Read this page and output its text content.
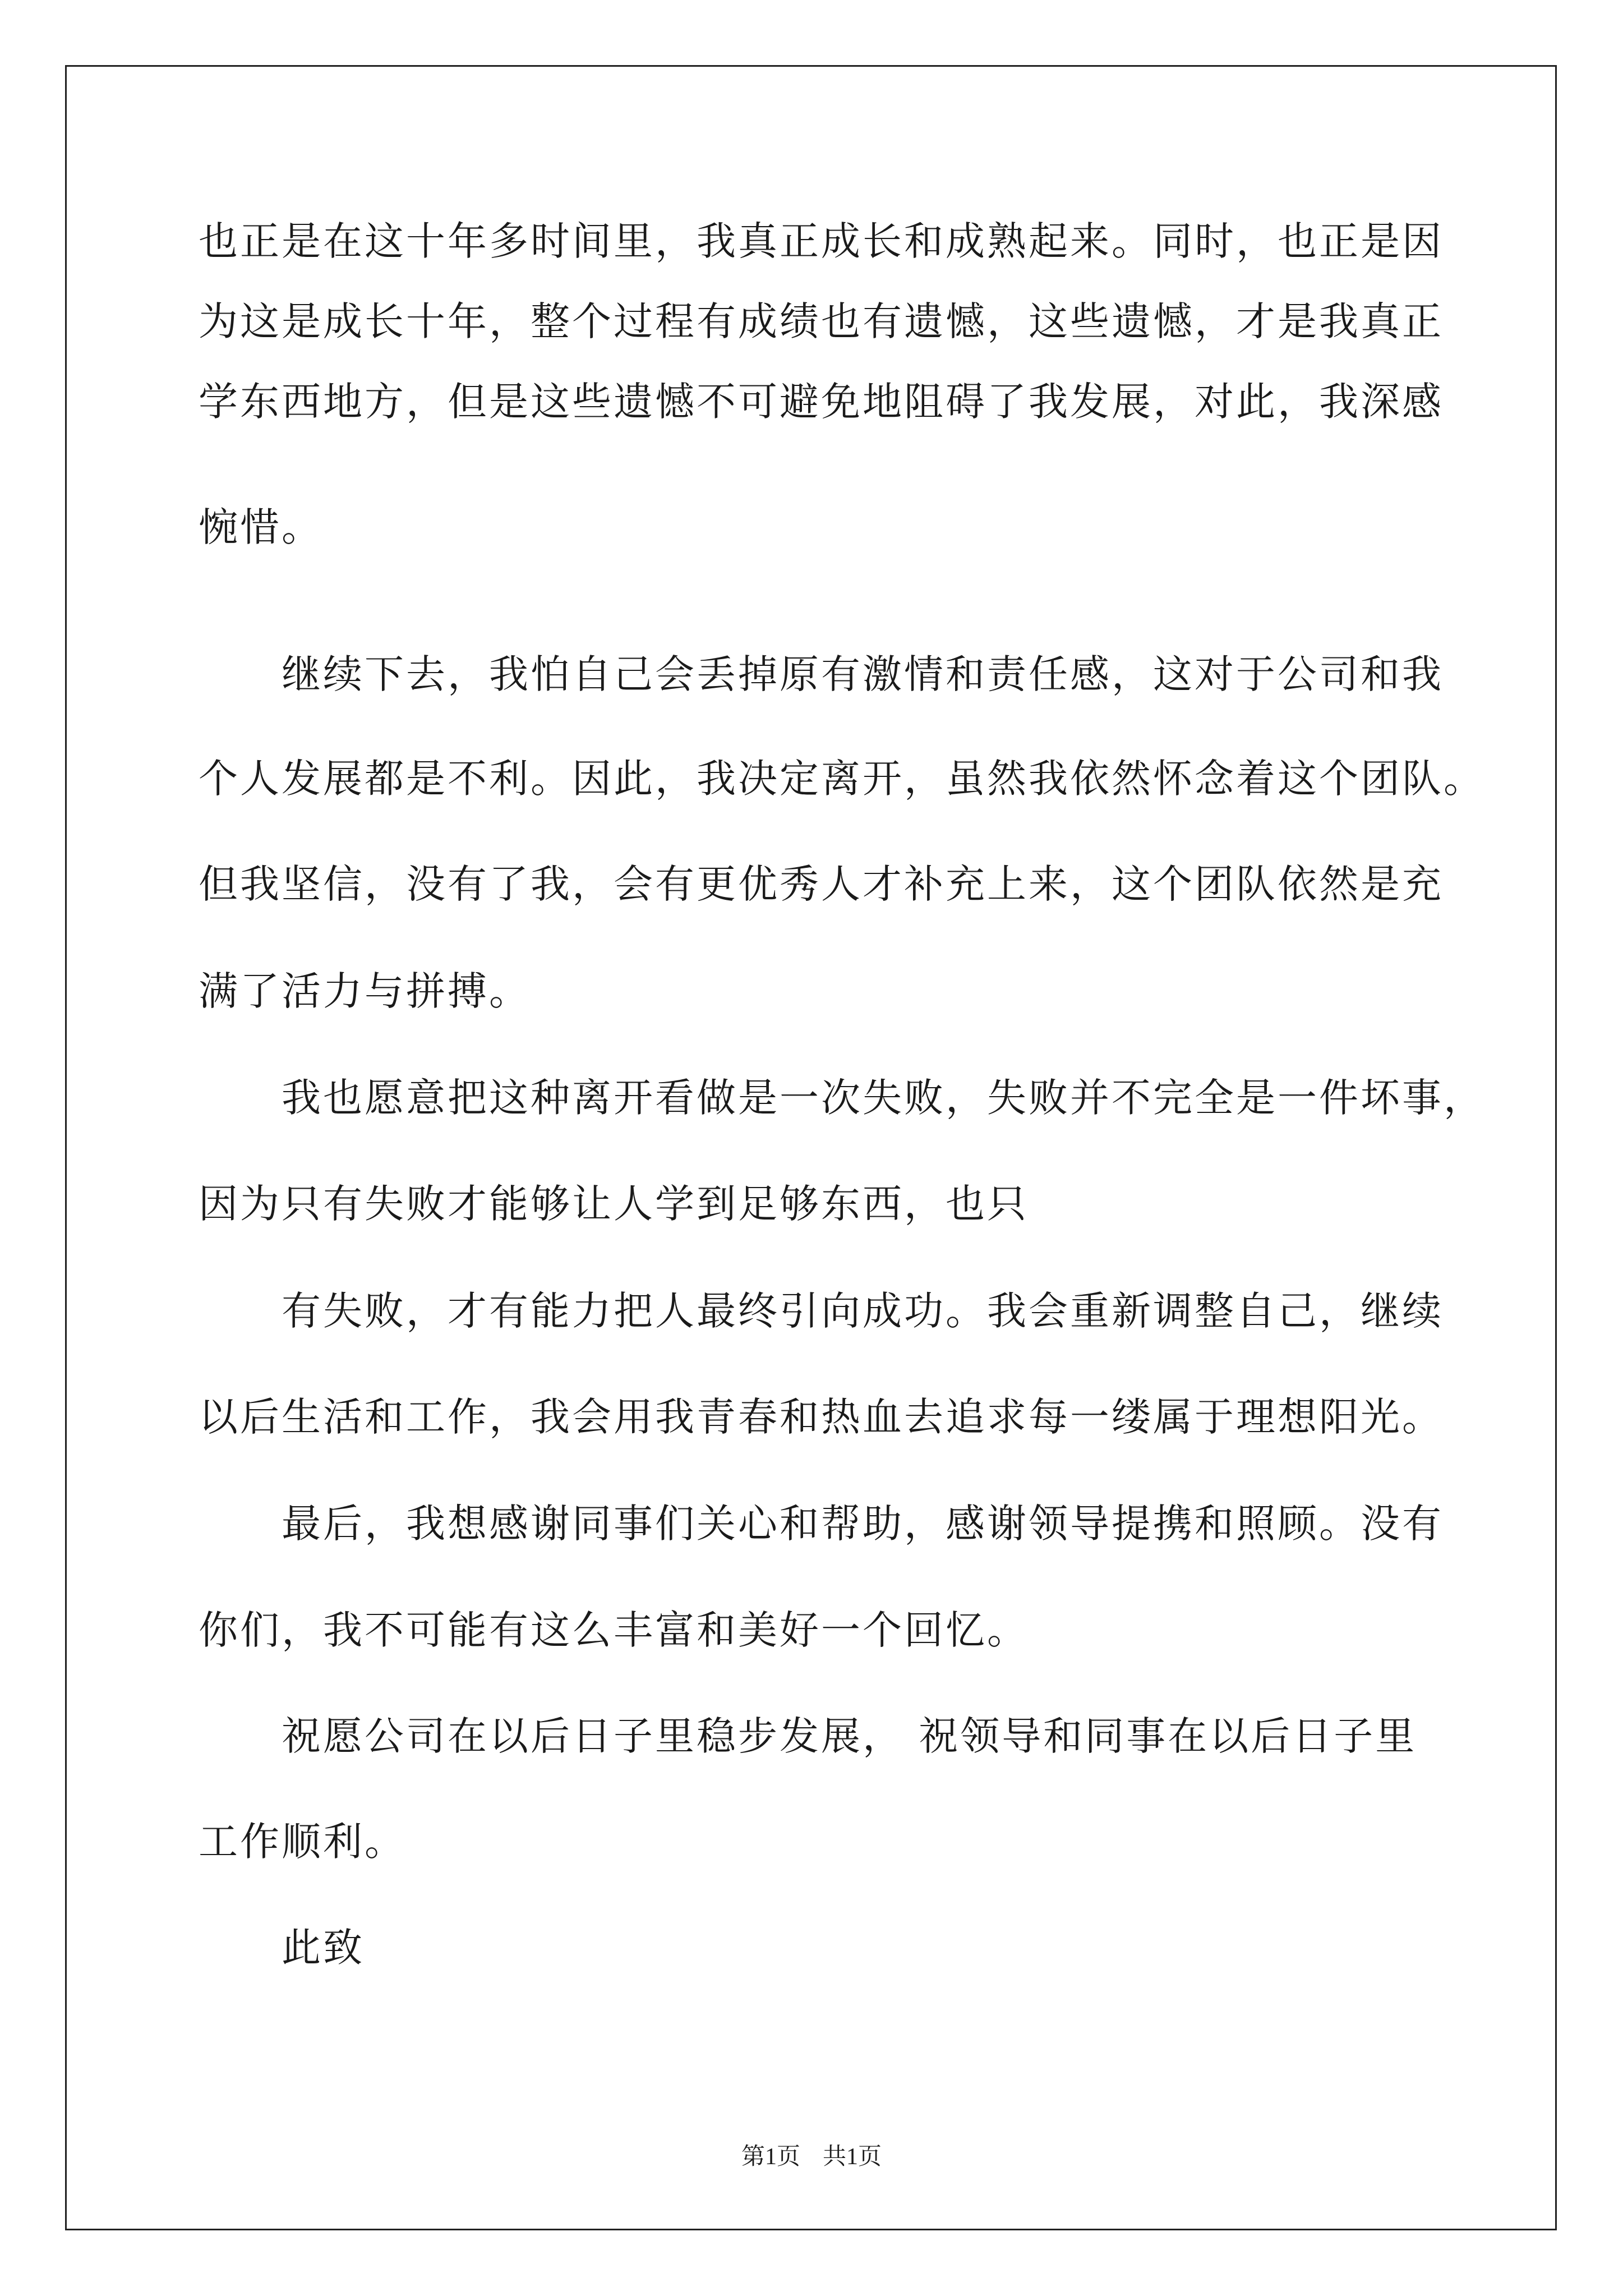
也正是在这十年多时间里，我真正成长和成熟起来。同时，也正是因
为这是成长十年，整个过程有成绩也有遗憾，这些遗憾，才是我真正
学东西地方，但是这些遗憾不可避免地阻碍了我发展，对此，我深感
惋惜。
继续下去，我怕自己会丢掉原有激情和责任感，这对于公司和我
个人发展都是不利。因此，我决定离开，虽然我依然怀念着这个团队。
但我坚信，没有了我，会有更优秀人才补充上来，这个团队依然是充
满了活力与拼搏。
我也愿意把这种离开看做是一次失败，失败并不完全是一件坏事，
因为只有失败才能够让人学到足够东西，也只
有失败，才有能力把人最终引向成功。我会重新调整自己，继续
以后生活和工作，我会用我青春和热血去追求每一缕属于理想阳光。
最后，我想感谢同事们关心和帮助，感谢领导提携和照顾。没有
你们，我不可能有这么丰富和美好一个回忆。
祝愿公司在以后日子里稳步发展， 祝领导和同事在以后日子里
工作顺利。
此致
第1页 共1页
